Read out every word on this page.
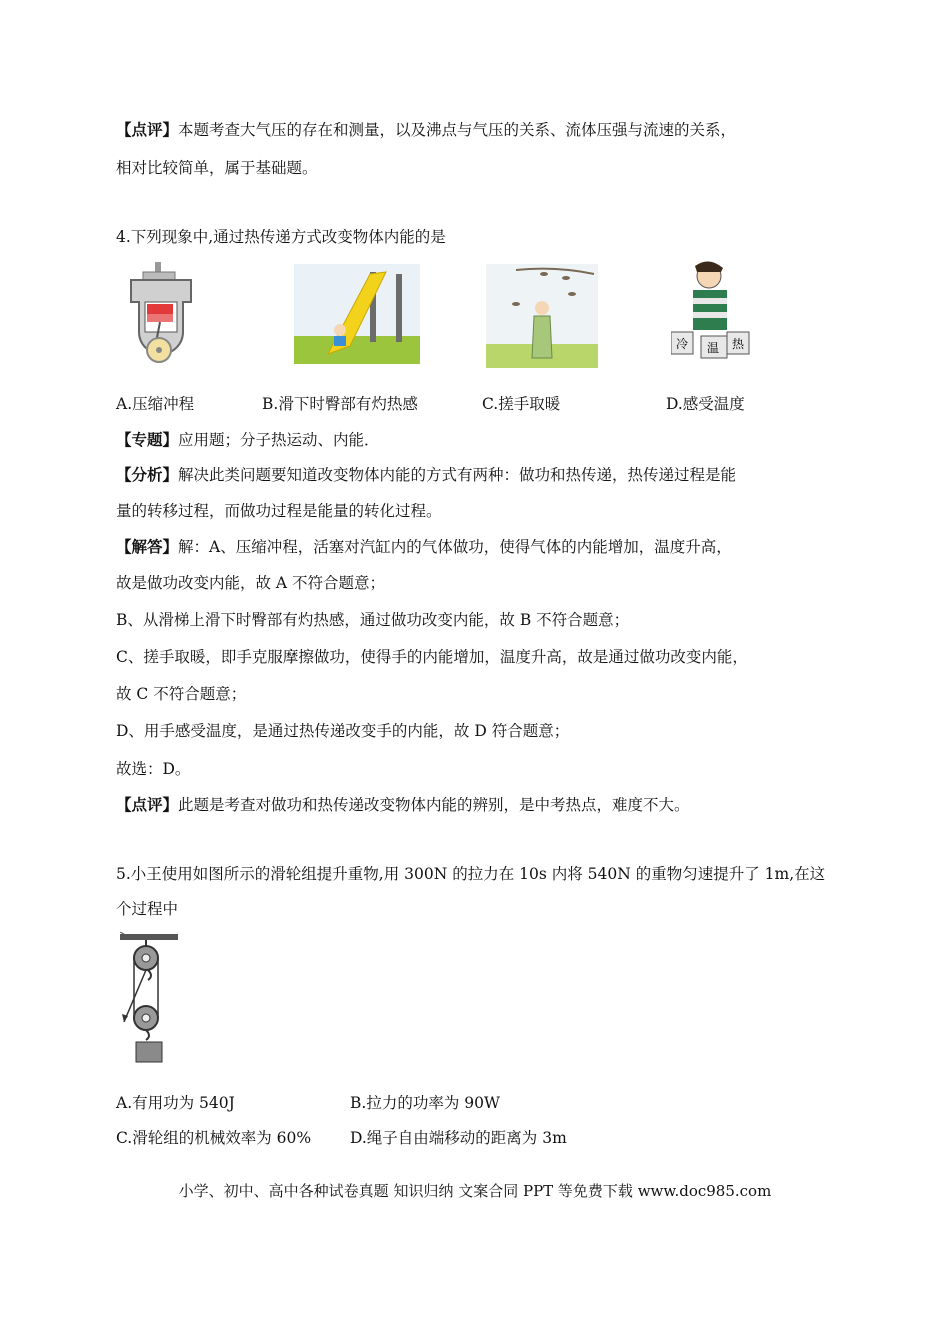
【点评】本题考查大气压的存在和测量，以及沸点与气压的关系、流体压强与流速的关系，
相对比较简单，属于基础题。
4.下列现象中,通过热传递方式改变物体内能的是
冷 温 热
A.压缩冲程	B.滑下时臀部有灼热感	C.搓手取暖	D.感受温度
【专题】应用题；分子热运动、内能．
【分析】解决此类问题要知道改变物体内能的方式有两种：做功和热传递，热传递过程是能
量的转移过程，而做功过程是能量的转化过程。
【解答】解：A、压缩冲程，活塞对汽缸内的气体做功，使得气体的内能增加，温度升高，
故是做功改变内能，故 A 不符合题意；
B、从滑梯上滑下时臀部有灼热感，通过做功改变内能，故 B 不符合题意；
C、搓手取暖，即手克服摩擦做功，使得手的内能增加，温度升高，故是通过做功改变内能，
故 C 不符合题意；
D、用手感受温度，是通过热传递改变手的内能，故 D 符合题意；
故选：D。
【点评】此题是考查对做功和热传递改变物体内能的辨别，是中考热点，难度不大。
5.小王使用如图所示的滑轮组提升重物,用 300N 的拉力在 10s 内将 540N 的重物匀速提升了 1m,在这
个过程中
A.有用功为 540J	B.拉力的功率为 90W
C.滑轮组的机械效率为 60%	D.绳子自由端移动的距离为 3m
小学、初中、高中各种试卷真题 知识归纳 文案合同 PPT 等免费下载 www.doc985.com
